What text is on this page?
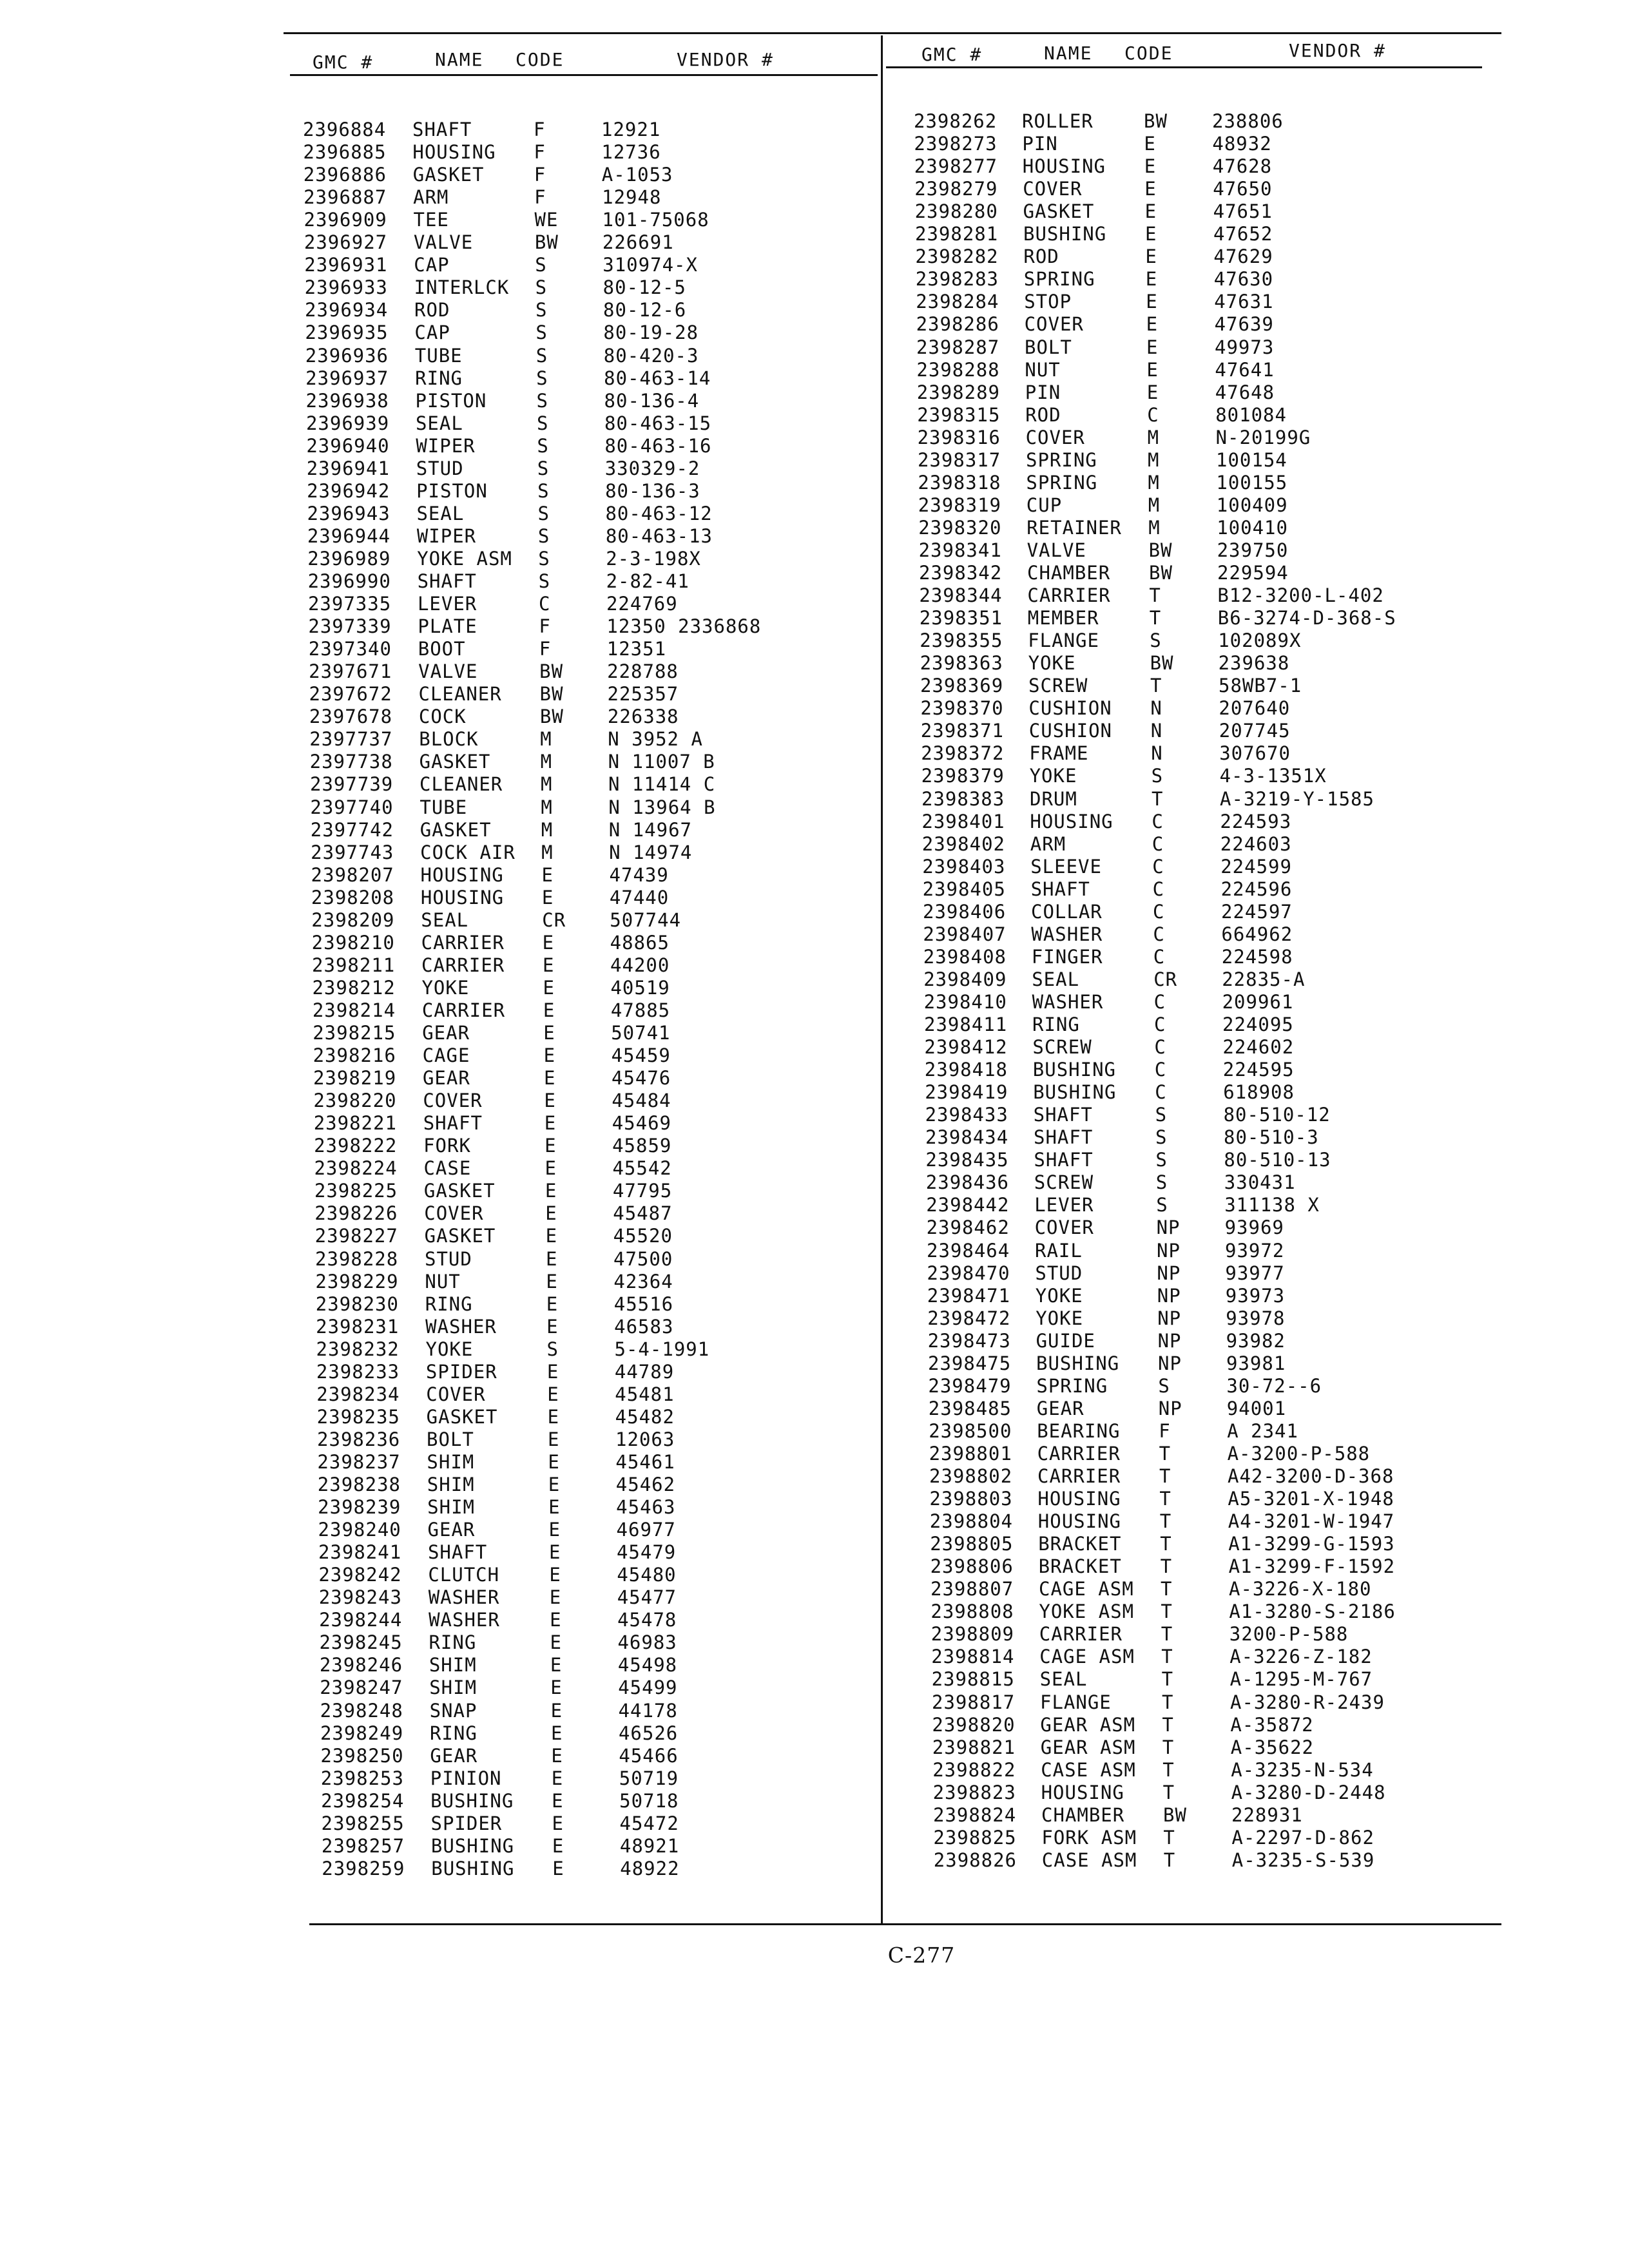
GMC #	NAME CODE	VENDOR #	GMC #	NAME CODE	VENDOR #
2396884 SHAFT	F	12921
2396885 HOUSING F	12736
2396886 GASKET	F	A-1053
2396887 ARM	F	12948
2396909 TEE	WE 101-75068
2396927 VALVE	BW 226691
2396931 CAP	S	310974-X
2396933 INTERLCK S	80-12-5
2396934 ROD	S	80-12-6
2396935 CAP	S	80-19-28
2396936 TUBE	S	80-420-3
2396937 RING	S	80-463-14
2396938 PISTON	S	80-136-4
2396939 SEAL	S	80-463-15
2396940 WIPER	S	80-463-16
2396941 STUD	S	330329-2
2396942 PISTON	S	80-136-3
2396943 SEAL	S	80-463-12
2396944 WIPER	S	80-463-13
2396989 YOKE ASM S	2-3-198X
2396990 SHAFT	S	2-82-41
2397335 LEVER	C	224769
2397339 PLATE	F	12350 2336868
2397340 BOOT	F	12351
2397671 VALVE	BW 228788
2397672 CLEANER BW 225357
2397678 COCK	BW 226338
2397737 BLOCK	M	N 3952 A
2397738 GASKET	M	N 11007 B
2397739 CLEANER M	N 11414 C
2397740 TUBE	M	N 13964 B
2397742 GASKET	M	N 14967
2397743 COCK AIR M	N 14974
2398207 HOUSING E	47439
2398208 HOUSING E	47440
2398209 SEAL	CR 507744
2398210 CARRIER E	48865
2398211 CARRIER E	44200
2398212 YOKE	E	40519
2398214 CARRIER E	47885
2398215 GEAR	E	50741
2398216 CAGE	E	45459
2398219 GEAR	E	45476
2398220 COVER	E	45484
2398221 SHAFT	E	45469
2398222 FORK	E	45859
2398224 CASE	E	45542
2398225 GASKET	E	47795
2398226 COVER	E	45487
2398227 GASKET	E	45520
2398228 STUD	E	47500
2398229 NUT	E	42364
2398230 RING	E	45516
2398231 WASHER	E	46583
2398232 YOKE	S	5-4-1991
2398233 SPIDER	E	44789
2398234 COVER	E	45481
2398235 GASKET	E	45482
2398236 BOLT	E	12063
2398237 SHIM	E	45461
2398238 SHIM	E	45462
2398239 SHIM	E	45463
2398240 GEAR	E	46977
2398241 SHAFT	E	45479
2398242 CLUTCH	E	45480
2398243 WASHER	E	45477
2398244 WASHER	E	45478
2398245 RING	E	46983
2398246 SHIM	E	45498
2398247 SHIM	E	45499
2398248 SNAP	E	44178
2398249 RING	E	46526
2398250 GEAR	E	45466
2398253 PINION	E	50719
2398254 BUSHING E	50718
2398255 SPIDER	E	45472
2398257 BUSHING E	48921
2398259 BUSHING E	48922
2398262 ROLLER	BW 238806
2398273 PIN	E	48932
2398277 HOUSING E	47628
2398279 COVER	E	47650
2398280 GASKET	E	47651
2398281 BUSHING E	47652
2398282 ROD	E	47629
2398283 SPRING	E	47630
2398284 STOP	E	47631
2398286 COVER	E	47639
2398287 BOLT	E	49973
2398288 NUT	E	47641
2398289 PIN	E	47648
2398315 ROD	C	801084
2398316 COVER	M	N-20199G
2398317 SPRING	M	100154
2398318 SPRING	M	100155
2398319 CUP	M	100409
2398320 RETAINER M	100410
2398341 VALVE	BW 239750
2398342 CHAMBER BW 229594
2398344 CARRIER T	B12-3200-L-402
2398351 MEMBER	T	B6-3274-D-368-S
2398355 FLANGE	S	102089X
2398363 YOKE	BW 239638
2398369 SCREW	T	58WB7-1
2398370 CUSHION N	207640
2398371 CUSHION N	207745
2398372 FRAME	N	307670
2398379 YOKE	S	4-3-1351X
2398383 DRUM	T	A-3219-Y-1585
2398401 HOUSING C	224593
2398402 ARM	C	224603
2398403 SLEEVE	C	224599
2398405 SHAFT	C	224596
2398406 COLLAR	C	224597
2398407 WASHER	C	664962
2398408 FINGER	C	224598
2398409 SEAL	CR 22835-A
2398410 WASHER	C	209961
2398411 RING	C	224095
2398412 SCREW	C	224602
2398418 BUSHING C	224595
2398419 BUSHING C	618908
2398433 SHAFT	S	80-510-12
2398434 SHAFT	S	80-510-3
2398435 SHAFT	S	80-510-13
2398436 SCREW	S	330431
2398442 LEVER	S	311138 X
2398462 COVER	NP 93969
2398464 RAIL	NP 93972
2398470 STUD	NP 93977
2398471 YOKE	NP 93973
2398472 YOKE	NP 93978
2398473 GUIDE	NP 93982
2398475 BUSHING NP 93981
2398479 SPRING	S	30-72--6
2398485 GEAR	NP 94001
2398500 BEARING F	A 2341
2398801 CARRIER T	A-3200-P-588
2398802 CARRIER T	A42-3200-D-368
2398803 HOUSING T	A5-3201-X-1948
2398804 HOUSING T	A4-3201-W-1947
2398805 BRACKET T	A1-3299-G-1593
2398806 BRACKET T	A1-3299-F-1592
2398807 CAGE ASM T	A-3226-X-180
2398808 YOKE ASM T	A1-3280-S-2186
2398809 CARRIER T	3200-P-588
2398814 CAGE ASM T	A-3226-Z-182
2398815 SEAL	T	A-1295-M-767
2398817 FLANGE	T	A-3280-R-2439
2398820 GEAR ASM T	A-35872
2398821 GEAR ASM T	A-35622
2398822 CASE ASM T	A-3235-N-534
2398823 HOUSING T	A-3280-D-2448
2398824 CHAMBER BW 228931
2398825 FORK ASM T	A-2297-D-862
2398826 CASE ASM T	A-3235-S-539
C-277
